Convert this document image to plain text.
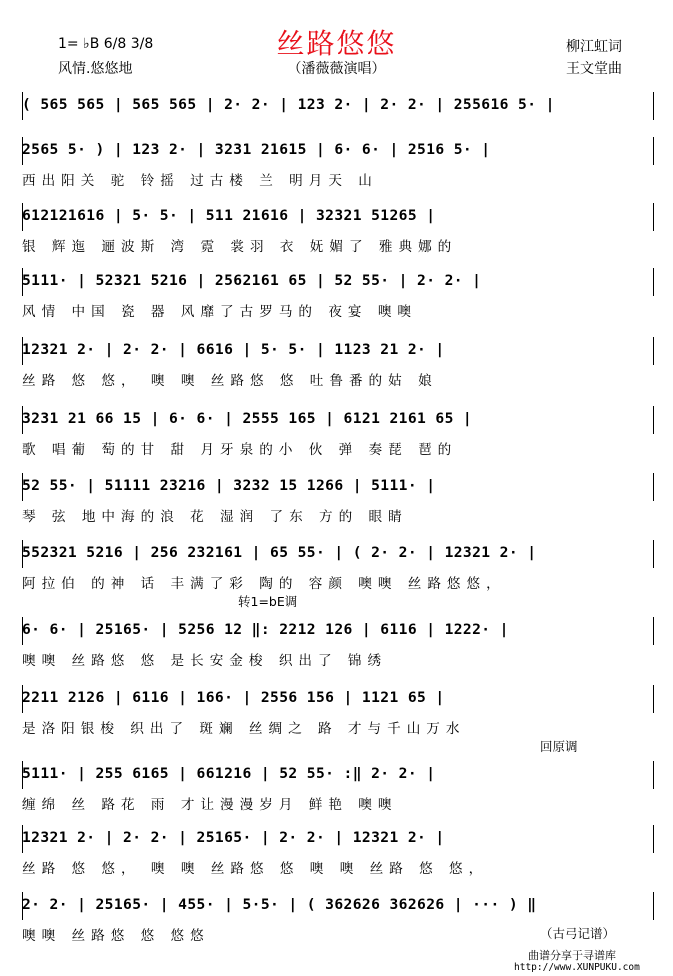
丝路悠悠
（潘薇薇演唱）
1= ♭B 6/8 3/8
风情.悠悠地
柳江虹词
王文堂曲
( 565 565 | 565 565 | 2· 2· | 123 2· | 2· 2· | 255616 5· |
2565 5· ) | 123 2· | 3231 21615 | 6· 6· | 2516 5· |
西出阳关 驼 铃摇 过古楼 兰 明月天 山
612121616 | 5· 5· | 511 21616 | 32321 51265 |
银 辉迤 逦波斯 湾 霓 裳羽 衣 妩媚了 雅典娜的
5111· | 52321 5216 | 2562161 65 | 52 55· | 2· 2· |
风情 中国 瓷 器 风靡了古罗马的 夜宴 噢噢
12321 2· | 2· 2· | 6616 | 5· 5· | 1123 21 2· |
丝路 悠 悠， 噢 噢 丝路悠 悠 吐鲁番的姑 娘
3231 21 66 15 | 6· 6· | 2555 165 | 6121 2161 65 |
歌 唱葡 萄的甘 甜 月牙泉的小 伙 弹 奏琵 琶的
52 55· | 51111 23216 | 3232 15 1266 | 5111· |
琴 弦 地中海的浪 花 湿润 了东 方的 眼睛
552321 5216 | 256 232161 | 65 55· | ( 2· 2· | 12321 2· |
阿拉伯 的神 话 丰满了彩 陶的 容颜 噢噢 丝路悠悠，
6· 6· | 25165· | 5256 12 ‖: 2212 126 | 6116 | 1222· |
噢噢 丝路悠 悠 是长安金梭 织出了 锦绣
2211 2126 | 6116 | 166· | 2556 156 | 1121 65 |
是洛阳银梭 织出了 斑斓 丝绸之 路 才与千山万水
5111· | 255 6165 | 661216 | 52 55· :‖ 2· 2· |
缠绵 丝 路花 雨 才让漫漫岁月 鲜艳 噢噢
12321 2· | 2· 2· | 25165· | 2· 2· | 12321 2· |
丝路 悠 悠， 噢 噢 丝路悠 悠 噢 噢 丝路 悠 悠，
2· 2· | 25165· | 455· | 5·5· | ( 362626 362626 | ··· ) ‖
噢噢 丝路悠 悠 悠悠
转1=bE调
回原调
（古弓记谱）
曲谱分享于寻谱库
http://www.XUNPUKU.com
